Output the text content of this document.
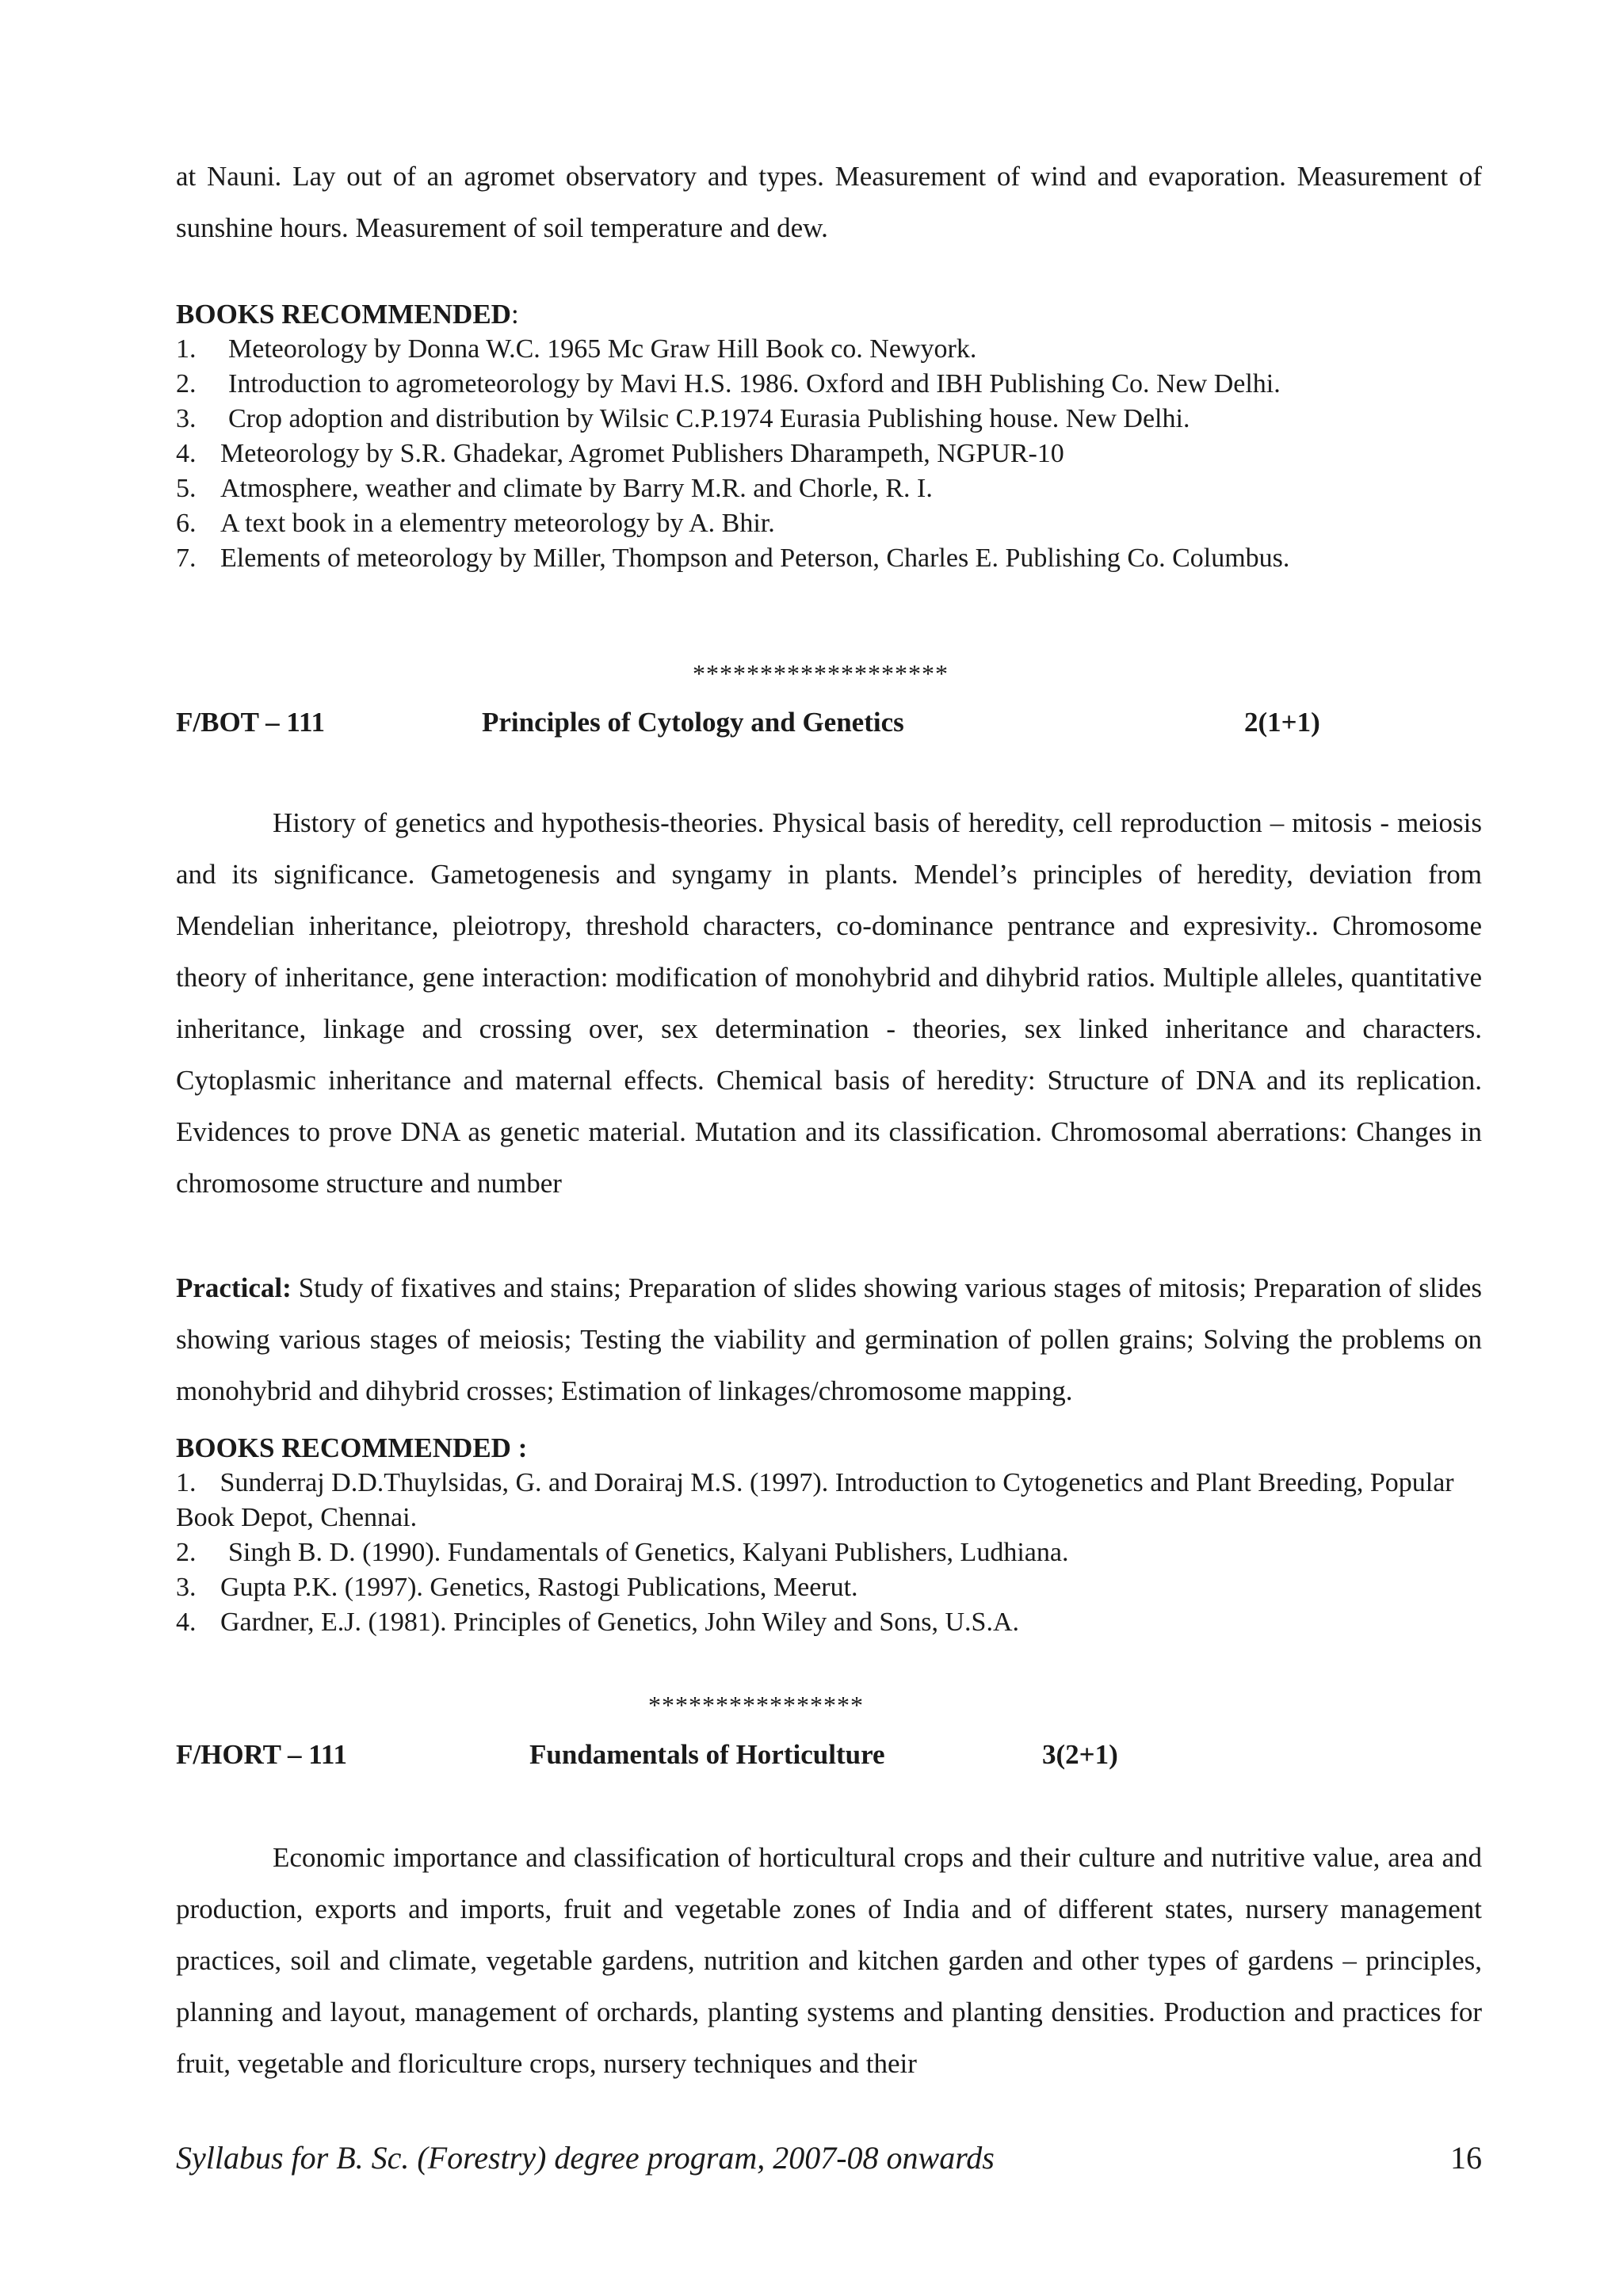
at Nauni. Lay out of an agromet observatory and types. Measurement of wind and evaporation. Measurement of sunshine hours. Measurement of soil temperature and dew.

BOOKS RECOMMENDED:

1.	Meteorology by Donna W.C. 1965 Mc Graw Hill Book co. Newyork.
2.	Introduction to agrometeorology by Mavi H.S. 1986. Oxford and IBH Publishing Co. New Delhi.
3.	Crop adoption and distribution by Wilsic C.P.1974 Eurasia Publishing house. New Delhi.
4. Meteorology by S.R. Ghadekar, Agromet Publishers Dharampeth, NGPUR-10
5. Atmosphere, weather and climate by Barry M.R. and Chorle, R. I.
6. A text book in a elementry meteorology by A. Bhir.
7. Elements of meteorology by Miller, Thompson and Peterson, Charles E. Publishing Co. Columbus.
*******************
F/BOT – 111	Principles of Cytology and Genetics	2(1+1)

History of genetics and hypothesis-theories. Physical basis of heredity, cell reproduction – mitosis - meiosis and its significance. Gametogenesis and syngamy in plants. Mendel’s principles of heredity, deviation from Mendelian inheritance, pleiotropy, threshold characters, co-dominance pentrance and expresivity.. Chromosome theory of inheritance, gene interaction: modification of monohybrid and dihybrid ratios. Multiple alleles, quantitative inheritance, linkage and crossing over, sex determination - theories, sex linked inheritance and characters. Cytoplasmic inheritance and maternal effects. Chemical basis of heredity: Structure of DNA and its replication. Evidences to prove DNA as genetic material. Mutation and its classification. Chromosomal aberrations: Changes in chromosome structure and number

Practical: Study of fixatives and stains; Preparation of slides showing various stages of mitosis; Preparation of slides showing various stages of meiosis; Testing the viability and germination of pollen grains; Solving the problems on monohybrid and dihybrid crosses; Estimation of linkages/chromosome mapping.

BOOKS RECOMMENDED :

1. Sunderraj D.D.Thuylsidas, G. and Dorairaj M.S. (1997). Introduction to Cytogenetics and Plant Breeding, Popular Book Depot, Chennai.
2.	Singh B. D. (1990). Fundamentals of Genetics, Kalyani Publishers, Ludhiana.
3. Gupta P.K. (1997). Genetics, Rastogi Publications, Meerut.
4. Gardner, E.J. (1981). Principles of Genetics, John Wiley and Sons, U.S.A.
****************
F/HORT – 111	Fundamentals of Horticulture	3(2+1)

Economic importance and classification of horticultural crops and their culture and nutritive value, area and production, exports and imports, fruit and vegetable zones of India and of different states, nursery management practices, soil and climate, vegetable gardens, nutrition and kitchen garden and other types of gardens – principles, planning and layout, management of orchards, planting systems and planting densities. Production and practices for fruit, vegetable and floriculture crops, nursery techniques and their

Syllabus for B. Sc. (Forestry) degree program, 2007-08 onwards	16
